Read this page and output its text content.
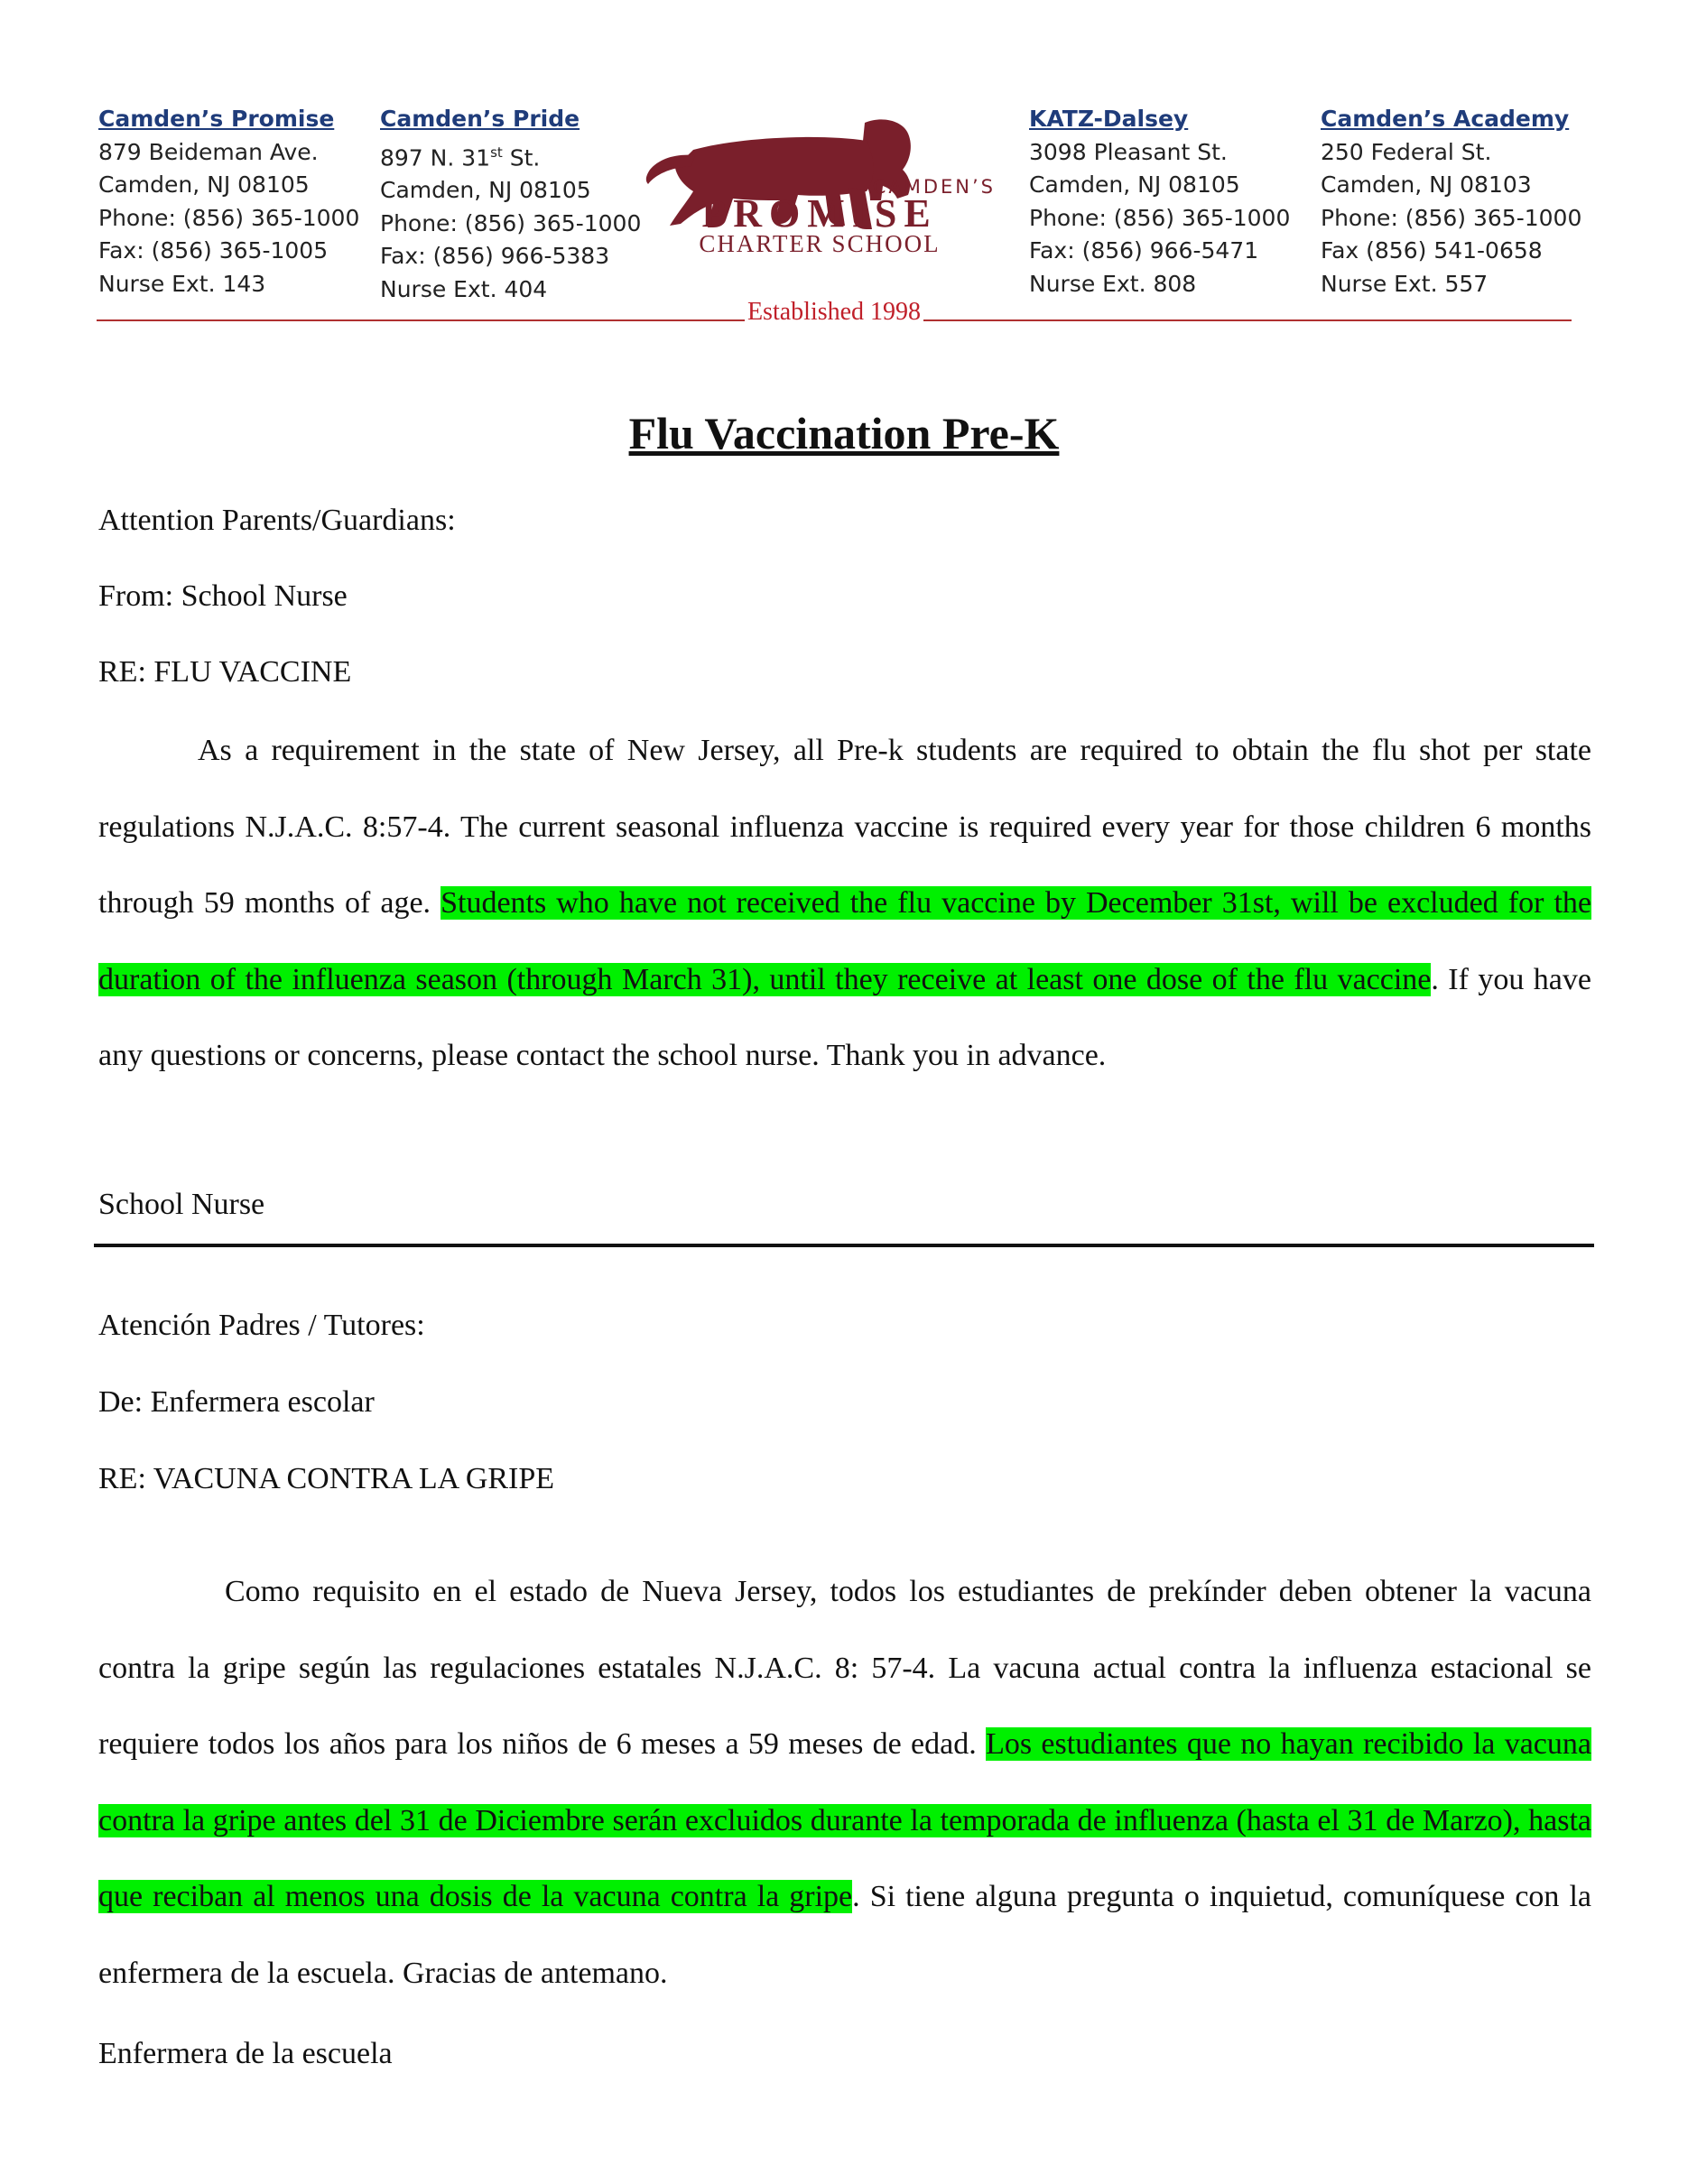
Camden’s Promise
879 Beideman Ave.
Camden, NJ 08105
Phone: (856) 365-1000
Fax: (856) 365-1005
Nurse Ext. 143
Camden’s Pride
897 N. 31st St.
Camden, NJ 08105
Phone: (856) 365-1000
Fax: (856) 966-5383
Nurse Ext. 404
KATZ-Dalsey
3098 Pleasant St.
Camden, NJ 08105
Phone: (856) 365-1000
Fax: (856) 966-5471
Nurse Ext. 808
Camden’s Academy
250 Federal St.
Camden, NJ 08103
Phone: (856) 365-1000
Fax (856) 541-0658
Nurse Ext. 557
CAMDEN’S
PROMISE
CHARTER SCHOOL
Established 1998
Flu Vaccination Pre-K

Attention Parents/Guardians:

From: School Nurse

RE: FLU VACCINE

As a requirement in the state of New Jersey, all Pre-k students are required to obtain the flu shot per state regulations N.J.A.C. 8:57-4. The current seasonal influenza vaccine is required every year for those children 6 months through 59 months of age. Students who have not received the flu vaccine by December 31st, will be excluded for the duration of the influenza season (through March 31), until they receive at least one dose of the flu vaccine. If you have any questions or concerns, please contact the school nurse. Thank you in advance.

School Nurse

Atención Padres / Tutores:

De: Enfermera escolar

RE: VACUNA CONTRA LA GRIPE

Como requisito en el estado de Nueva Jersey, todos los estudiantes de prekínder deben obtener la vacuna contra la gripe según las regulaciones estatales N.J.A.C. 8: 57-4. La vacuna actual contra la influenza estacional se requiere todos los años para los niños de 6 meses a 59 meses de edad. Los estudiantes que no hayan recibido la vacuna contra la gripe antes del 31 de Diciembre serán excluidos durante la temporada de influenza (hasta el 31 de Marzo), hasta que reciban al menos una dosis de la vacuna contra la gripe. Si tiene alguna pregunta o inquietud, comuníquese con la enfermera de la escuela. Gracias de antemano.

Enfermera de la escuela
